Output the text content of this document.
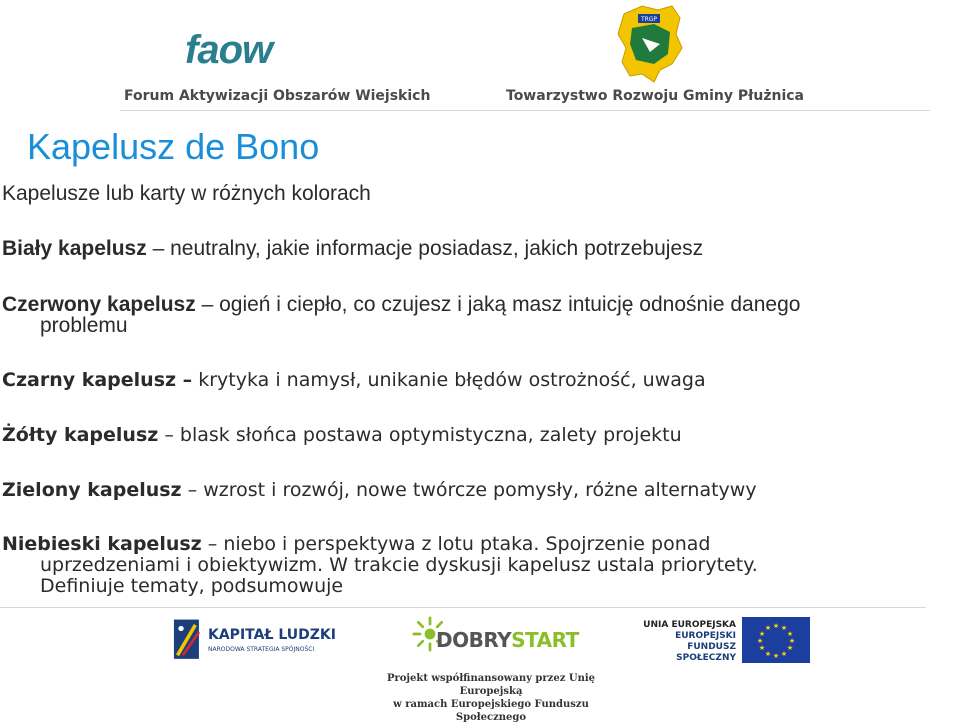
faow
Forum Aktywizacji Obszarów Wiejskich
TRGP
Towarzystwo Rozwoju Gminy Płużnica
Kapelusz de Bono
Kapelusze lub karty w różnych kolorach
Biały kapelusz – neutralny, jakie informacje posiadasz, jakich potrzebujesz
Czerwony kapelusz – ogień i ciepło, co czujesz i jaką masz intuicję odnośnie danego
problemu
Czarny kapelusz – krytyka i namysł, unikanie błędów ostrożność, uwaga
Żółty kapelusz – blask słońca postawa optymistyczna, zalety projektu
Zielony kapelusz – wzrost i rozwój, nowe twórcze pomysły, różne alternatywy
Niebieski kapelusz – niebo i perspektywa z lotu ptaka. Spojrzenie ponad
uprzedzeniami i obiektywizm. W trakcie dyskusji kapelusz ustala priorytety.
Definiuje tematy, podsumowuje
KAPITAŁ LUDZKI
NARODOWA STRATEGIA SPÓJNOŚCI	DOBRYSTART
UNIA EUROPEJSKA
EUROPEJSKI
FUNDUSZ SPOŁECZNY
★ ★
★
★
★
★
★
★
★
★
★
★
Projekt współfinansowany przez Unię Europejską
w ramach Europejskiego Funduszu Społecznego
